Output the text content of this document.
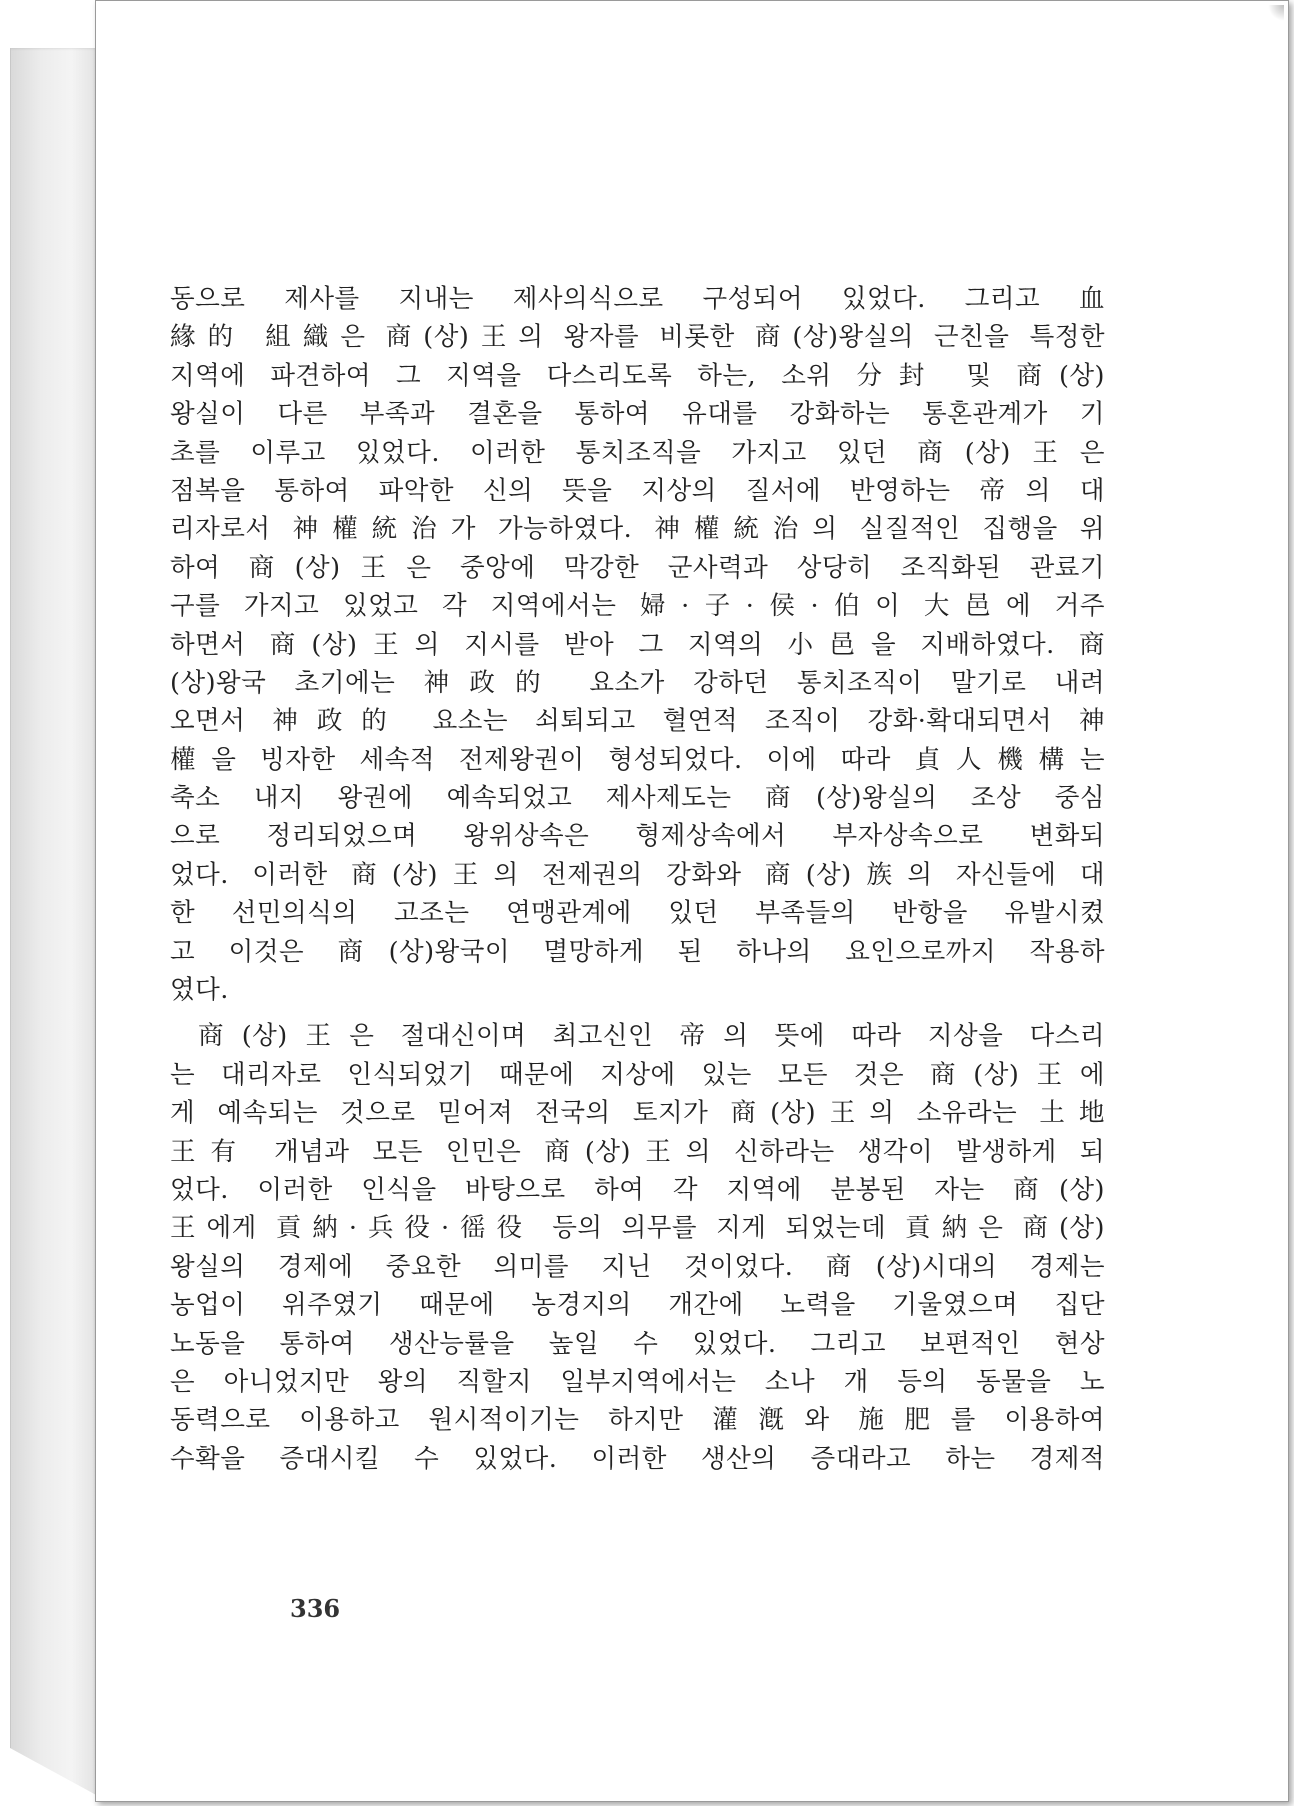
동으로 제사를 지내는 제사의식으로 구성되어 있었다. 그리고 血
緣的 組織은 商(상)王의 왕자를 비롯한 商(상)왕실의 근친을 특정한
지역에 파견하여 그 지역을 다스리도록 하는, 소위 分封 및 商(상)
왕실이 다른 부족과 결혼을 통하여 유대를 강화하는 통혼관계가 기
초를 이루고 있었다. 이러한 통치조직을 가지고 있던 商(상)王은
점복을 통하여 파악한 신의 뜻을 지상의 질서에 반영하는 帝의 대
리자로서 神權統治가 가능하였다. 神權統治의 실질적인 집행을 위
하여 商(상)王은 중앙에 막강한 군사력과 상당히 조직화된 관료기
구를 가지고 있었고 각 지역에서는 婦·子·侯·伯이 大邑에 거주
하면서 商(상)王의 지시를 받아 그 지역의 小邑을 지배하였다. 商
(상)왕국 초기에는 神政的 요소가 강하던 통치조직이 말기로 내려
오면서 神政的 요소는 쇠퇴되고 혈연적 조직이 강화·확대되면서 神
權을 빙자한 세속적 전제왕권이 형성되었다. 이에 따라 貞人機構는
축소 내지 왕권에 예속되었고 제사제도는 商(상)왕실의 조상 중심
으로 정리되었으며 왕위상속은 형제상속에서 부자상속으로 변화되
었다. 이러한 商(상)王의 전제권의 강화와 商(상)族의 자신들에 대
한 선민의식의 고조는 연맹관계에 있던 부족들의 반항을 유발시켰
고 이것은 商(상)왕국이 멸망하게 된 하나의 요인으로까지 작용하
였다.
商(상)王은 절대신이며 최고신인 帝의 뜻에 따라 지상을 다스리
는 대리자로 인식되었기 때문에 지상에 있는 모든 것은 商(상)王에
게 예속되는 것으로 믿어져 전국의 토지가 商(상)王의 소유라는 土地
王有 개념과 모든 인민은 商(상)王의 신하라는 생각이 발생하게 되
었다. 이러한 인식을 바탕으로 하여 각 지역에 분봉된 자는 商(상)
王에게 貢納·兵役·徭役 등의 의무를 지게 되었는데 貢納은 商(상)
왕실의 경제에 중요한 의미를 지닌 것이었다. 商(상)시대의 경제는
농업이 위주였기 때문에 농경지의 개간에 노력을 기울였으며 집단
노동을 통하여 생산능률을 높일 수 있었다. 그리고 보편적인 현상
은 아니었지만 왕의 직할지 일부지역에서는 소나 개 등의 동물을 노
동력으로 이용하고 원시적이기는 하지만 灌漑와 施肥를 이용하여
수확을 증대시킬 수 있었다. 이러한 생산의 증대라고 하는 경제적
336
